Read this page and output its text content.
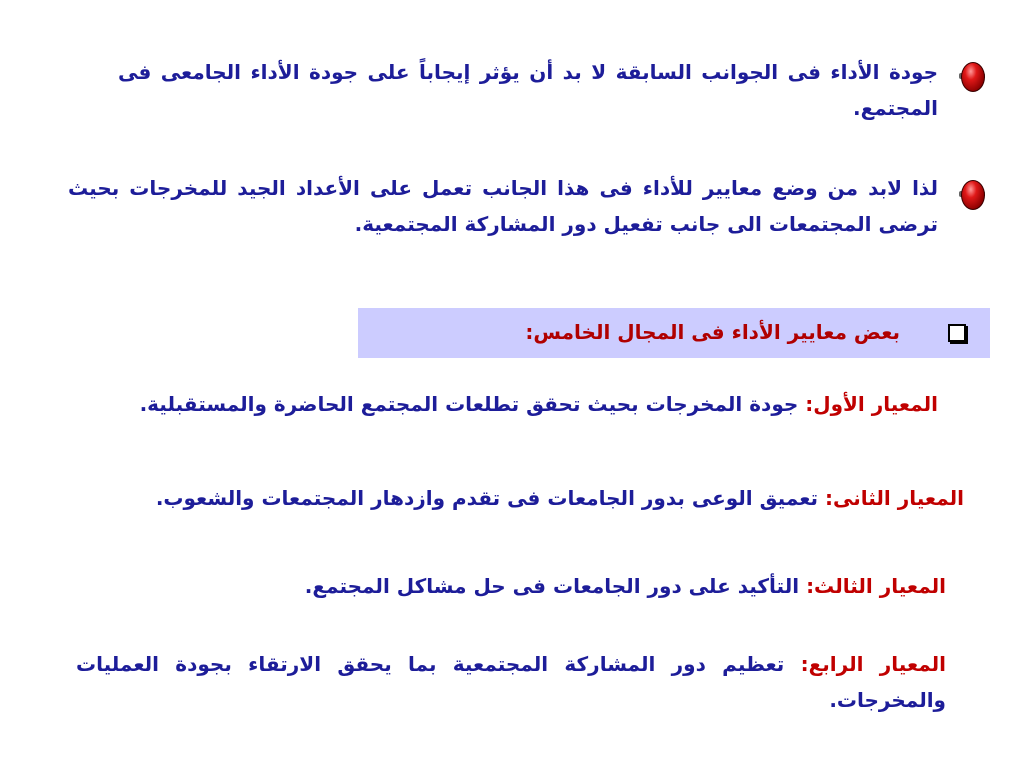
جودة الأداء فى الجوانب السابقة لا بد أن يؤثر إيجاباً على جودة الأداء الجامعى فى المجتمع.

لذا لابد من وضع معايير للأداء فى هذا الجانب تعمل على الأعداد الجيد للمخرجات بحيث ترضى المجتمعات الى جانب تفعيل دور المشاركة المجتمعية.

بعض معايير الأداء فى المجال الخامس:

المعيار الأول: جودة المخرجات بحيث تحقق تطلعات المجتمع الحاضرة والمستقبلية.

المعيار الثانى: تعميق الوعى بدور الجامعات فى تقدم وازدهار المجتمعات والشعوب.

المعيار الثالث: التأكيد على دور الجامعات فى حل مشاكل المجتمع.

المعيار الرابع: تعظيم دور المشاركة المجتمعية بما يحقق الارتقاء بجودة العمليات والمخرجات.
